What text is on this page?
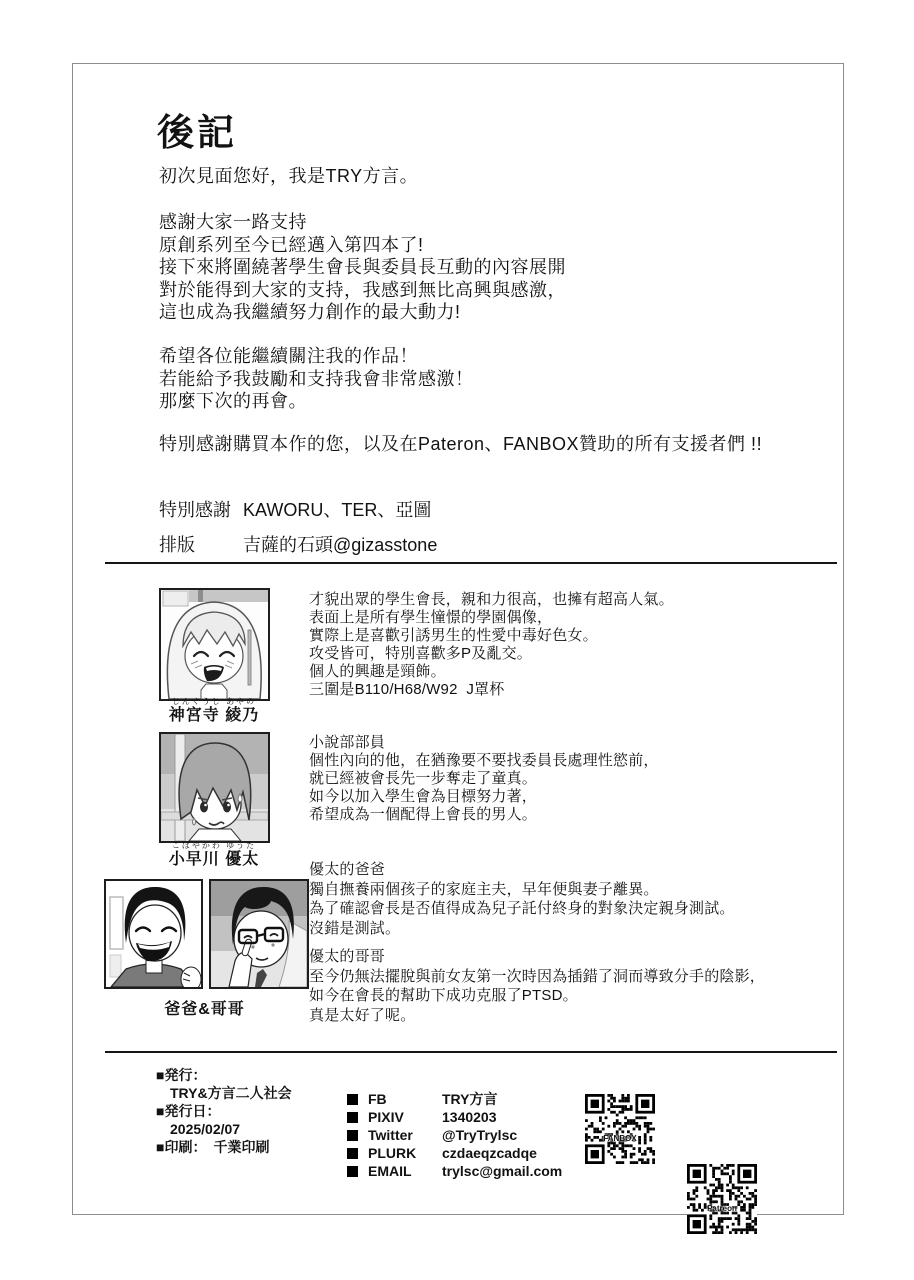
後記
初次見面您好，我是TRY方言。
感謝大家一路支持
原創系列至今已經邁入第四本了!
接下來將圍繞著學生會長與委員長互動的內容展開
對於能得到大家的支持，我感到無比高興與感激，
這也成為我繼續努力創作的最大動力!
希望各位能繼續關注我的作品！
若能給予我鼓勵和支持我會非常感激！
那麼下次的再會。
特別感謝購買本作的您，以及在Pateron、FANBOX贊助的所有支援者們 !!
特別感謝 KAWORU、TER、亞圖
排版	吉薩的石頭@gizasstone
じんぐうじ あやの
神宮寺 綾乃
才貌出眾的學生會長，親和力很高，也擁有超高人氣。
表面上是所有學生憧憬的學園偶像，
實際上是喜歡引誘男生的性愛中毒好色女。
攻受皆可，特別喜歡多P及亂交。
個人的興趣是頸飾。
三圍是B110/H68/W92  J罩杯
こばやかわ ゆうた
小早川 優太
小說部部員
個性內向的他，在猶豫要不要找委員長處理性慾前，
就已經被會長先一步奪走了童真。
如今以加入學生會為目標努力著，
希望成為一個配得上會長的男人。
爸爸&哥哥
優太的爸爸
獨自撫養兩個孩子的家庭主夫，早年便與妻子離異。
為了確認會長是否值得成為兒子託付終身的對象決定親身測試。
沒錯是測試。
優太的哥哥
至今仍無法擺脫與前女友第一次時因為插錯了洞而導致分手的陰影，
如今在會長的幫助下成功克服了PTSD。
真是太好了呢。
■発行：
TRY&方言二人社会
■発行日：
2025/02/07
■印刷：　千業印刷
FB	TRY方言
PIXIV	1340203
Twitter	@TryTrylsc
PLURK	czdaeqzcadqe
EMAIL	trylsc@gmail.com
FANBOX
Patreon
